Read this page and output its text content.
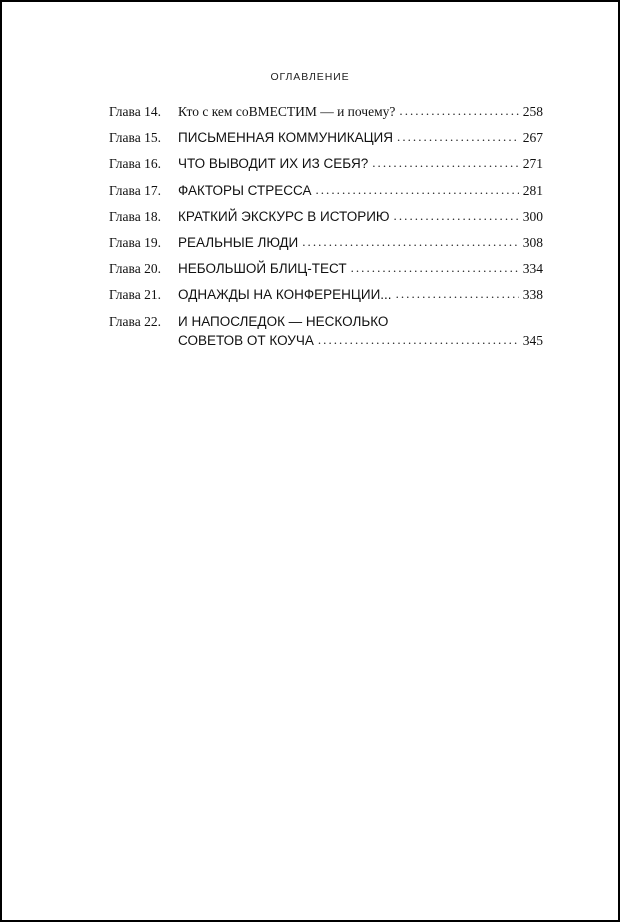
ОГЛАВЛЕНИЕ
Глава 14.	Кто с кем соВМЕСТИМ — и почему? . . .	258
Глава 15.	ПИСЬМЕННАЯ КОММУНИКАЦИЯ . . .	267
Глава 16.	ЧТО ВЫВОДИТ ИХ ИЗ СЕБЯ? . . .	271
Глава 17.	ФАКТОРЫ СТРЕССА . . .	281
Глава 18.	КРАТКИЙ ЭКСКУРС В ИСТОРИЮ . . .	300
Глава 19.	РЕАЛЬНЫЕ ЛЮДИ . . .	308
Глава 20.	НЕБОЛЬШОЙ БЛИЦ-ТЕСТ . . .	334
Глава 21.	ОДНАЖДЫ НА КОНФЕРЕНЦИИ... . . .	338
Глава 22.	И НАПОСЛЕДОК — НЕСКОЛЬКО
СОВЕТОВ ОТ КОУЧА . . .	345
